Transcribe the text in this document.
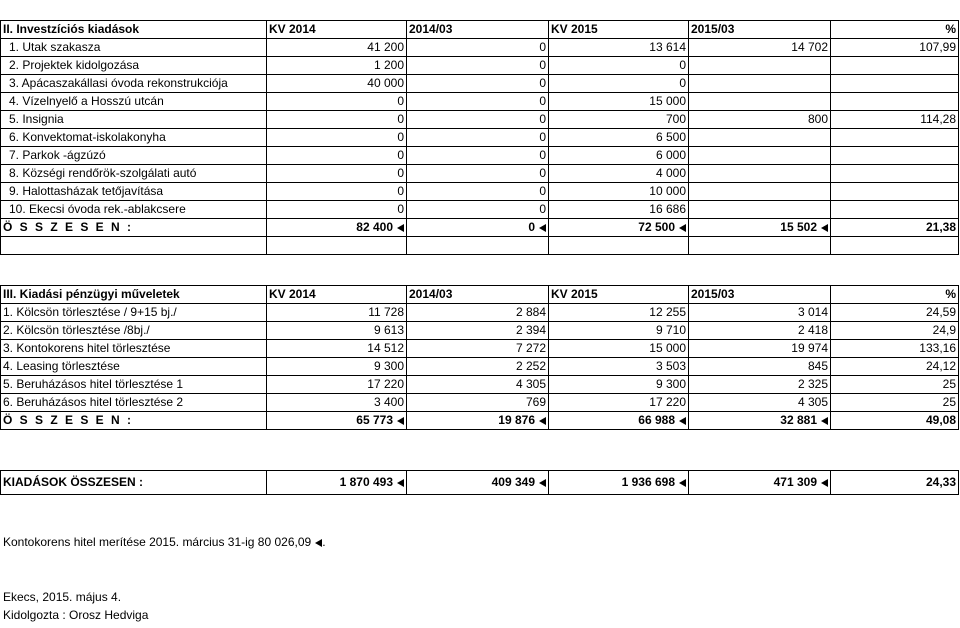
II. Investzíciós kiadások	KV 2014	2014/03	KV 2015	2015/03	%
1. Utak szakasza	41 200	0	13 614	14 702	107,99
2. Projektek kidolgozása	1 200	0	0		
3. Apácaszakállasi óvoda rekonstrukciója	40 000	0	0		
4. Vízelnyelő a Hosszú utcán	0	0	15 000		
5. Insignia	0	0	700	800	114,28
6. Konvektomat-iskolakonyha	0	0	6 500		
7. Parkok -ágzúzó	0	0	6 000		
8. Községi rendőrök-szolgálati autó	0	0	4 000		
9. Halottasházak tetőjavítása	0	0	10 000		
10. Ekecsi óvoda rek.-ablakcsere	0	0	16 686		
Ö S S Z E S E N :	82 400	0	72 500	15 502	21,38

III. Kiadási pénzügyi műveletek	KV 2014	2014/03	KV 2015	2015/03	%
1. Kölcsön törlesztése / 9+15 bj./	11 728	2 884	12 255	3 014	24,59
2. Kölcsön törlesztése /8bj./	9 613	2 394	9 710	2 418	24,9
3. Kontokorens hitel törlesztése	14 512	7 272	15 000	19 974	133,16
4. Leasing törlesztése	9 300	2 252	3 503	845	24,12
5. Beruházásos hitel törlesztése 1	17 220	4 305	9 300	2 325	25
6. Beruházásos hitel törlesztése 2	3 400	769	17 220	4 305	25
Ö S S Z E S E N :	65 773	19 876	66 988	32 881	49,08
KIADÁSOK ÖSSZESEN :	1 870 493	409 349	1 936 698	471 309	24,33
Kontokorens hitel merítése 2015. március 31-ig 80 026,09 .
Ekecs, 2015. május 4.
Kidolgozta : Orosz Hedviga
